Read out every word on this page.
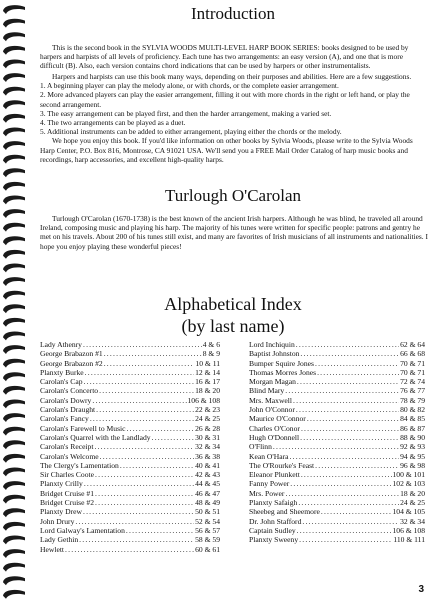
Introduction
This is the second book in the SYLVIA WOODS MULTI-LEVEL HARP BOOK SERIES: books designed to be used by harpers and harpists of all levels of proficiency. Each tune has two arrangements: an easy version (A), and one that is more difficult (B). Also, each version contains chord indications that can be used by harpers or other instrumentalists.
Harpers and harpists can use this book many ways, depending on their purposes and abilities. Here are a few suggestions.
1. A beginning player can play the melody alone, or with chords, or the complete easier arrangement.
2. More advanced players can play the easier arrangement, filling it out with more chords in the right or left hand, or play the second arrangement.
3. The easy arrangement can be played first, and then the harder arrangement, making a varied set.
4. The two arrangements can be played as a duet.
5. Additional instruments can be added to either arrangement, playing either the chords or the melody.
We hope you enjoy this book. If you'd like information on other books by Sylvia Woods, please write to the Sylvia Woods Harp Center, P.O. Box 816, Montrose, CA 91021 USA. We'll send you a FREE Mail Order Catalog of harp music books and recordings, harp accessories, and excellent high-quality harps.
Turlough O'Carolan
Turlough O'Carolan (1670-1738) is the best known of the ancient Irish harpers. Although he was blind, he traveled all around Ireland, composing music and playing his harp. The majority of his tunes were written for specific people: patrons and gentry he met on his travels. About 200 of his tunes still exist, and many are favorites of Irish musicians of all instruments and nationalities. I hope you enjoy playing these wonderful pieces!
Alphabetical Index
(by last name)
Lady Athenry .....	4 & 6
George Brabazon #1 .....	8 & 9
George Brabazon #2 .....	10 & 11
Planxty Burke .....	12 & 14
Carolan's Cap .....	16 & 17
Carolan's Concerto .....	18 & 20
Carolan's Dowry .....	106 & 108
Carolan's Draught .....	22 & 23
Carolan's Fancy .....	24 & 25
Carolan's Farewell to Music .....	26 & 28
Carolan's Quarrel with the Landlady .....	30 & 31
Carolan's Receipt .....	32 & 34
Carolan's Welcome .....	36 & 38
The Clergy's Lamentation .....	40 & 41
Sir Charles Coote .....	42 & 43
Planxty Crilly .....	44 & 45
Bridget Cruise #1 .....	46 & 47
Bridget Cruise #2 .....	48 & 49
Planxty Drew .....	50 & 51
John Drury .....	52 & 54
Lord Galway's Lamentation .....	56 & 57
Lady Gethin .....	58 & 59
Hewlett .....	60 & 61
Lord Inchiquin .....	62 & 64
Baptist Johnston .....	66 & 68
Bumper Squire Jones .....	70 & 71
Thomas Morres Jones .....	70 & 71
Morgan Magan .....	72 & 74
Blind Mary .....	76 & 77
Mrs. Maxwell .....	78 & 79
John O'Connor .....	80 & 82
Maurice O'Connor .....	84 & 85
Charles O'Conor .....	86 & 87
Hugh O'Donnell .....	88 & 90
O'Flinn .....	92 & 93
Kean O'Hara .....	94 & 95
The O'Rourke's Feast .....	96 & 98
Eleanor Plunkett .....	100 & 101
Fanny Power .....	102 & 103
Mrs. Power .....	18 & 20
Planxty Safaigh .....	24 & 25
Sheebeg and Sheemore .....	104 & 105
Dr. John Stafford .....	32 & 34
Captain Sudley .....	106 & 108
Planxty Sweeny .....	110 & 111
3
